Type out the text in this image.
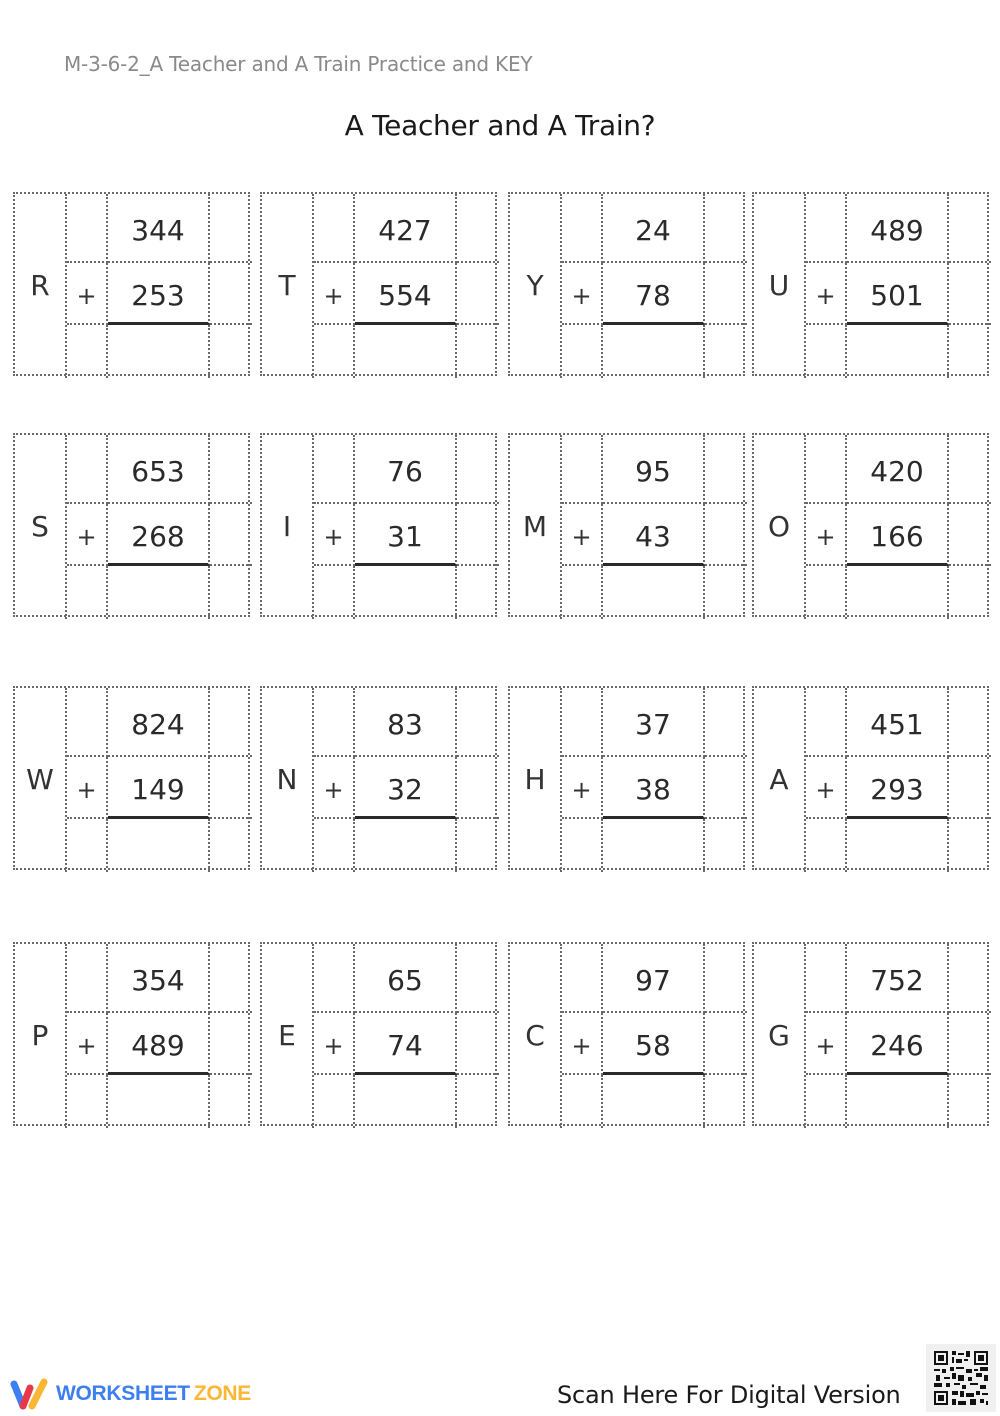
M-3-6-2_A Teacher and A Train Practice and KEY
A Teacher and A Train?
R
344
+	253	T
427
+	554	Y
24
+	78	U
489
+	501
S
653
+	268	I
76
+	31	M
95
+	43	O
420
+	166
W
824
+	149	N
83
+	32	H
37
+	38	A
451
+	293
P
354
+	489	E
65
+	74	C
97
+	58	G
752
+	246
WORKSHEET ZONE	Scan Here For Digital Version
